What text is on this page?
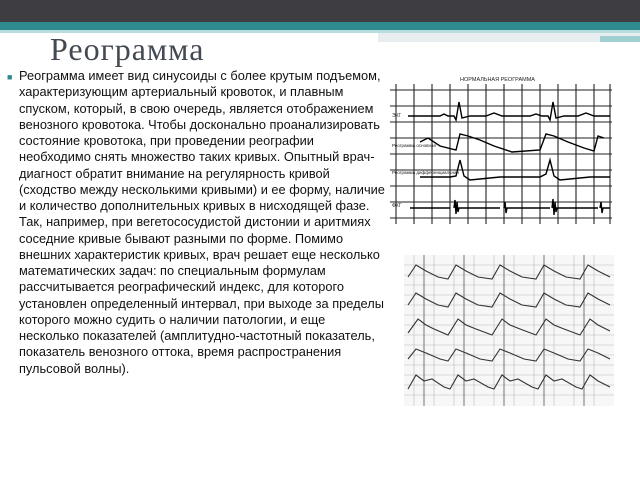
Реограмма
■ Реограмма имеет вид синусоиды с более крутым подъемом, характеризующим артериальный кровоток, и плавным спуском, который, в свою очередь, является отображением венозного кровотока. Чтобы досконально проанализировать состояние кровотока, при проведении реографии необходимо снять множество таких кривых. Опытный врач-диагност обратит внимание на регулярность кривой (сходство между несколькими кривыми) и ее форму, наличие и количество дополнительных кривых в нисходящей фазе. Так, например, при вегетососудистой дистонии и аритмиях соседние кривые бывают разными по форме. Помимо внешних характеристик кривых, врач решает еще несколько математических задач: по специальным формулам рассчитывается реографический индекс, для которого установлен определенный интервал, при выходе за пределы которого можно судить о наличии патологии, и еще несколько показателей (амплитудно-частотный показатель, показатель венозного оттока, время распространения пульсовой волны).

НОРМАЛЬНАЯ РЕОГРАММА
ЭКГ
Реограмма основная
Реограмма дифференциальная
ФКГ
